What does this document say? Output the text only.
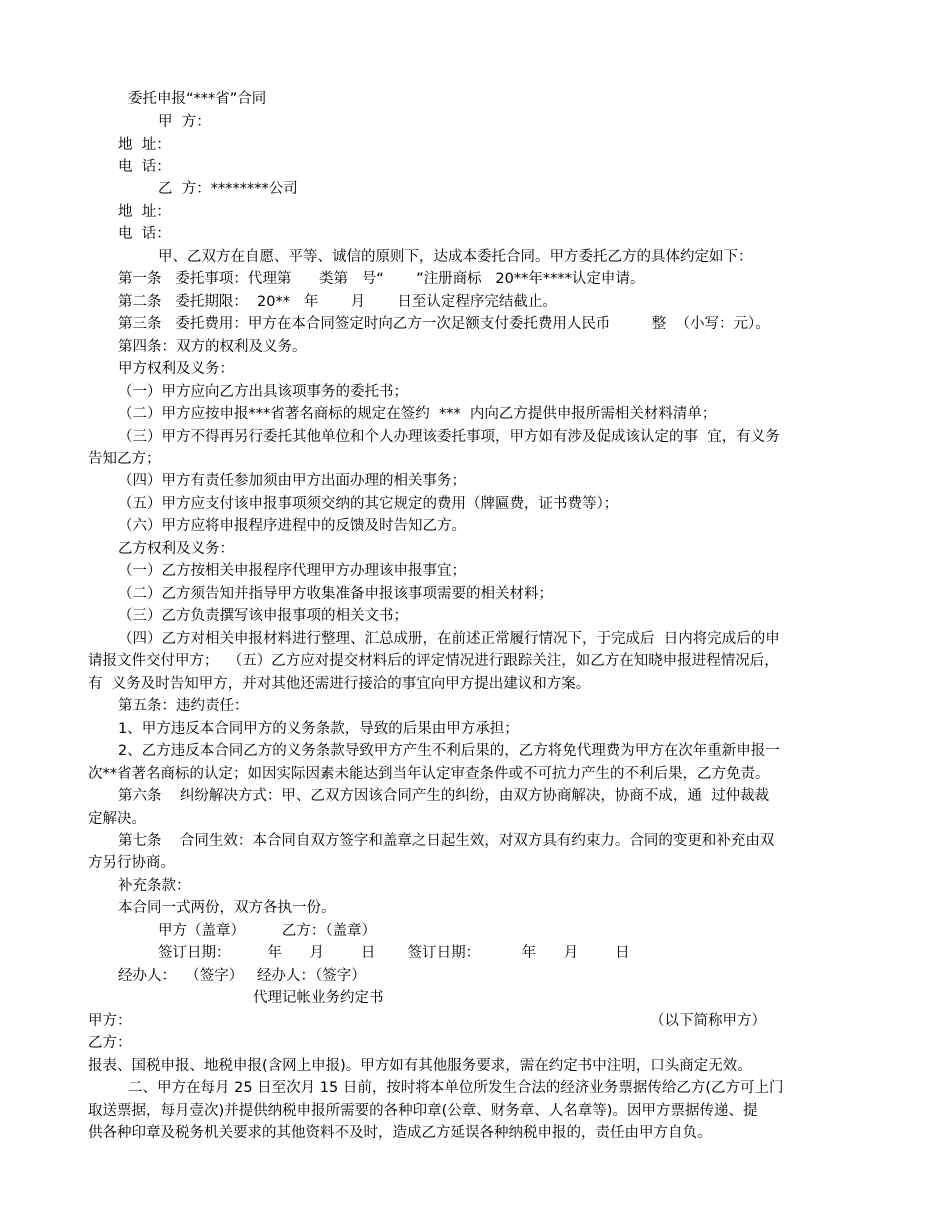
委托申报“***省”合同
甲  方：
地  址：
电  话：
乙  方：********公司
地  址：
电  话：
甲、乙双方在自愿、平等、诚信的原则下，达成本委托合同。甲方委托乙方的具体约定如下：
第一条   委托事项：代理第      类第   号“       ”注册商标   20**年****认定申请。
第二条   委托期限：  20**   年       月       日至认定程序完结截止。
第三条   委托费用：甲方在本合同签定时向乙方一次足额支付委托费用人民币         整  （小写：元）。
第四条：双方的权利及义务。
甲方权利及义务：
（一）甲方应向乙方出具该项事务的委托书；
（二）甲方应按申报***省著名商标的规定在签约  ***  内向乙方提供申报所需相关材料清单；
（三）甲方不得再另行委托其他单位和个人办理该委托事项，甲方如有涉及促成该认定的事  宜，有义务
告知乙方；
（四）甲方有责任参加须由甲方出面办理的相关事务；
（五）甲方应支付该申报事项须交纳的其它规定的费用（牌匾费，证书费等）；
（六）甲方应将申报程序进程中的反馈及时告知乙方。
乙方权利及义务：
（一）乙方按相关申报程序代理甲方办理该申报事宜；
（二）乙方须告知并指导甲方收集准备申报该事项需要的相关材料；
（三）乙方负责撰写该申报事项的相关文书；
（四）乙方对相关申报材料进行整理、汇总成册，在前述正常履行情况下，于完成后  日内将完成后的申
请报文件交付甲方；  （五）乙方应对提交材料后的评定情况进行跟踪关注，如乙方在知晓申报进程情况后，
有  义务及时告知甲方，并对其他还需进行接洽的事宜向甲方提出建议和方案。
第五条：违约责任：
1、甲方违反本合同甲方的义务条款，导致的后果由甲方承担；
2、乙方违反本合同乙方的义务条款导致甲方产生不利后果的，乙方将免代理费为甲方在次年重新申报一
次**省著名商标的认定；如因实际因素未能达到当年认定审查条件或不可抗力产生的不利后果，乙方免责。
第六条    纠纷解决方式：甲、乙双方因该合同产生的纠纷，由双方协商解决，协商不成，通  过仲裁裁
定解决。
第七条    合同生效：本合同自双方签字和盖章之日起生效，对双方具有约束力。合同的变更和补充由双
方另行协商。
补充条款：
本合同一式两份，双方各执一份。
甲方（盖章）        乙方：（盖章）
签订日期：        年      月        日       签订日期：         年      月        日
经办人：  （签字）   经办人：（签字）
代理记帐业务约定书
甲方：	（以下简称甲方）
乙方：
报表、国税申报、地税申报(含网上申报)。甲方如有其他服务要求，需在约定书中注明，口头商定无效。
二、甲方在每月 25 日至次月 15 日前，按时将本单位所发生合法的经济业务票据传给乙方(乙方可上门
取送票据，每月壹次)并提供纳税申报所需要的各种印章(公章、财务章、人名章等)。因甲方票据传递、提
供各种印章及税务机关要求的其他资料不及时，造成乙方延误各种纳税申报的，责任由甲方自负。
